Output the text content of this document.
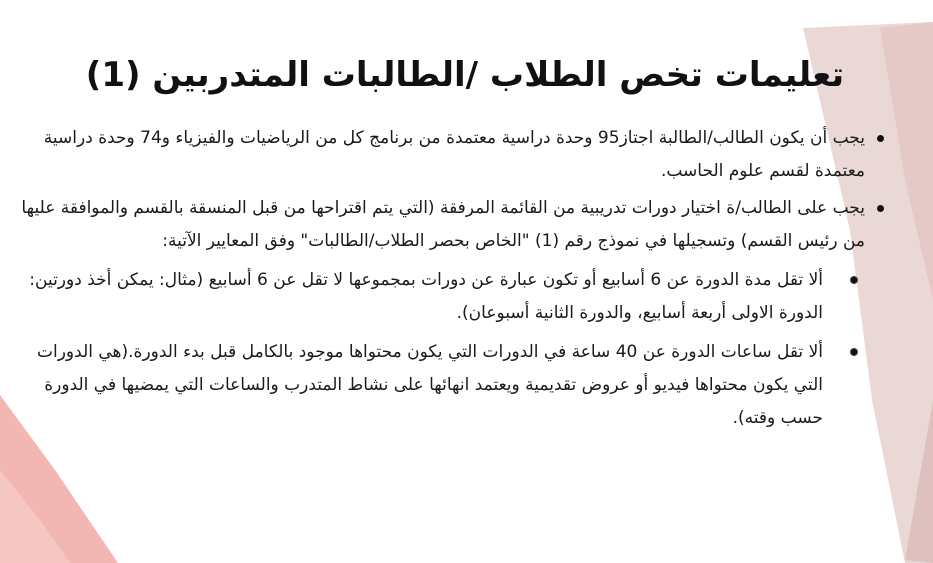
تعليمات تخص الطلاب /الطالبات المتدربين (1)
يجب أن يكون الطالب/الطالبة اجتاز95 وحدة دراسية معتمدة من برنامج كل من الرياضيات والفيزياء و74 وحدة دراسية معتمدة لقسم علوم الحاسب.
يجب على الطالب/ة اختيار دورات تدريبية من القائمة المرفقة (التي يتم اقتراحها من قبل المنسقة بالقسم والموافقة عليها من رئيس القسم) وتسجيلها في نموذج رقم (1) "الخاص بحصر الطلاب/الطالبات" وفق المعايير الآتية:
ألا تقل مدة الدورة عن 6 أسابيع أو تكون عبارة عن دورات بمجموعها لا تقل عن 6 أسابيع (مثال: يمكن أخذ دورتين: الدورة الاولى أربعة أسابيع، والدورة الثانية أسبوعان).
ألا تقل ساعات الدورة عن 40 ساعة في الدورات التي يكون محتواها موجود بالكامل قبل بدء الدورة.(هي الدورات التي يكون محتواها فيديو أو عروض تقديمية ويعتمد انهائها على نشاط المتدرب والساعات التي يمضيها في الدورة حسب وقته).
